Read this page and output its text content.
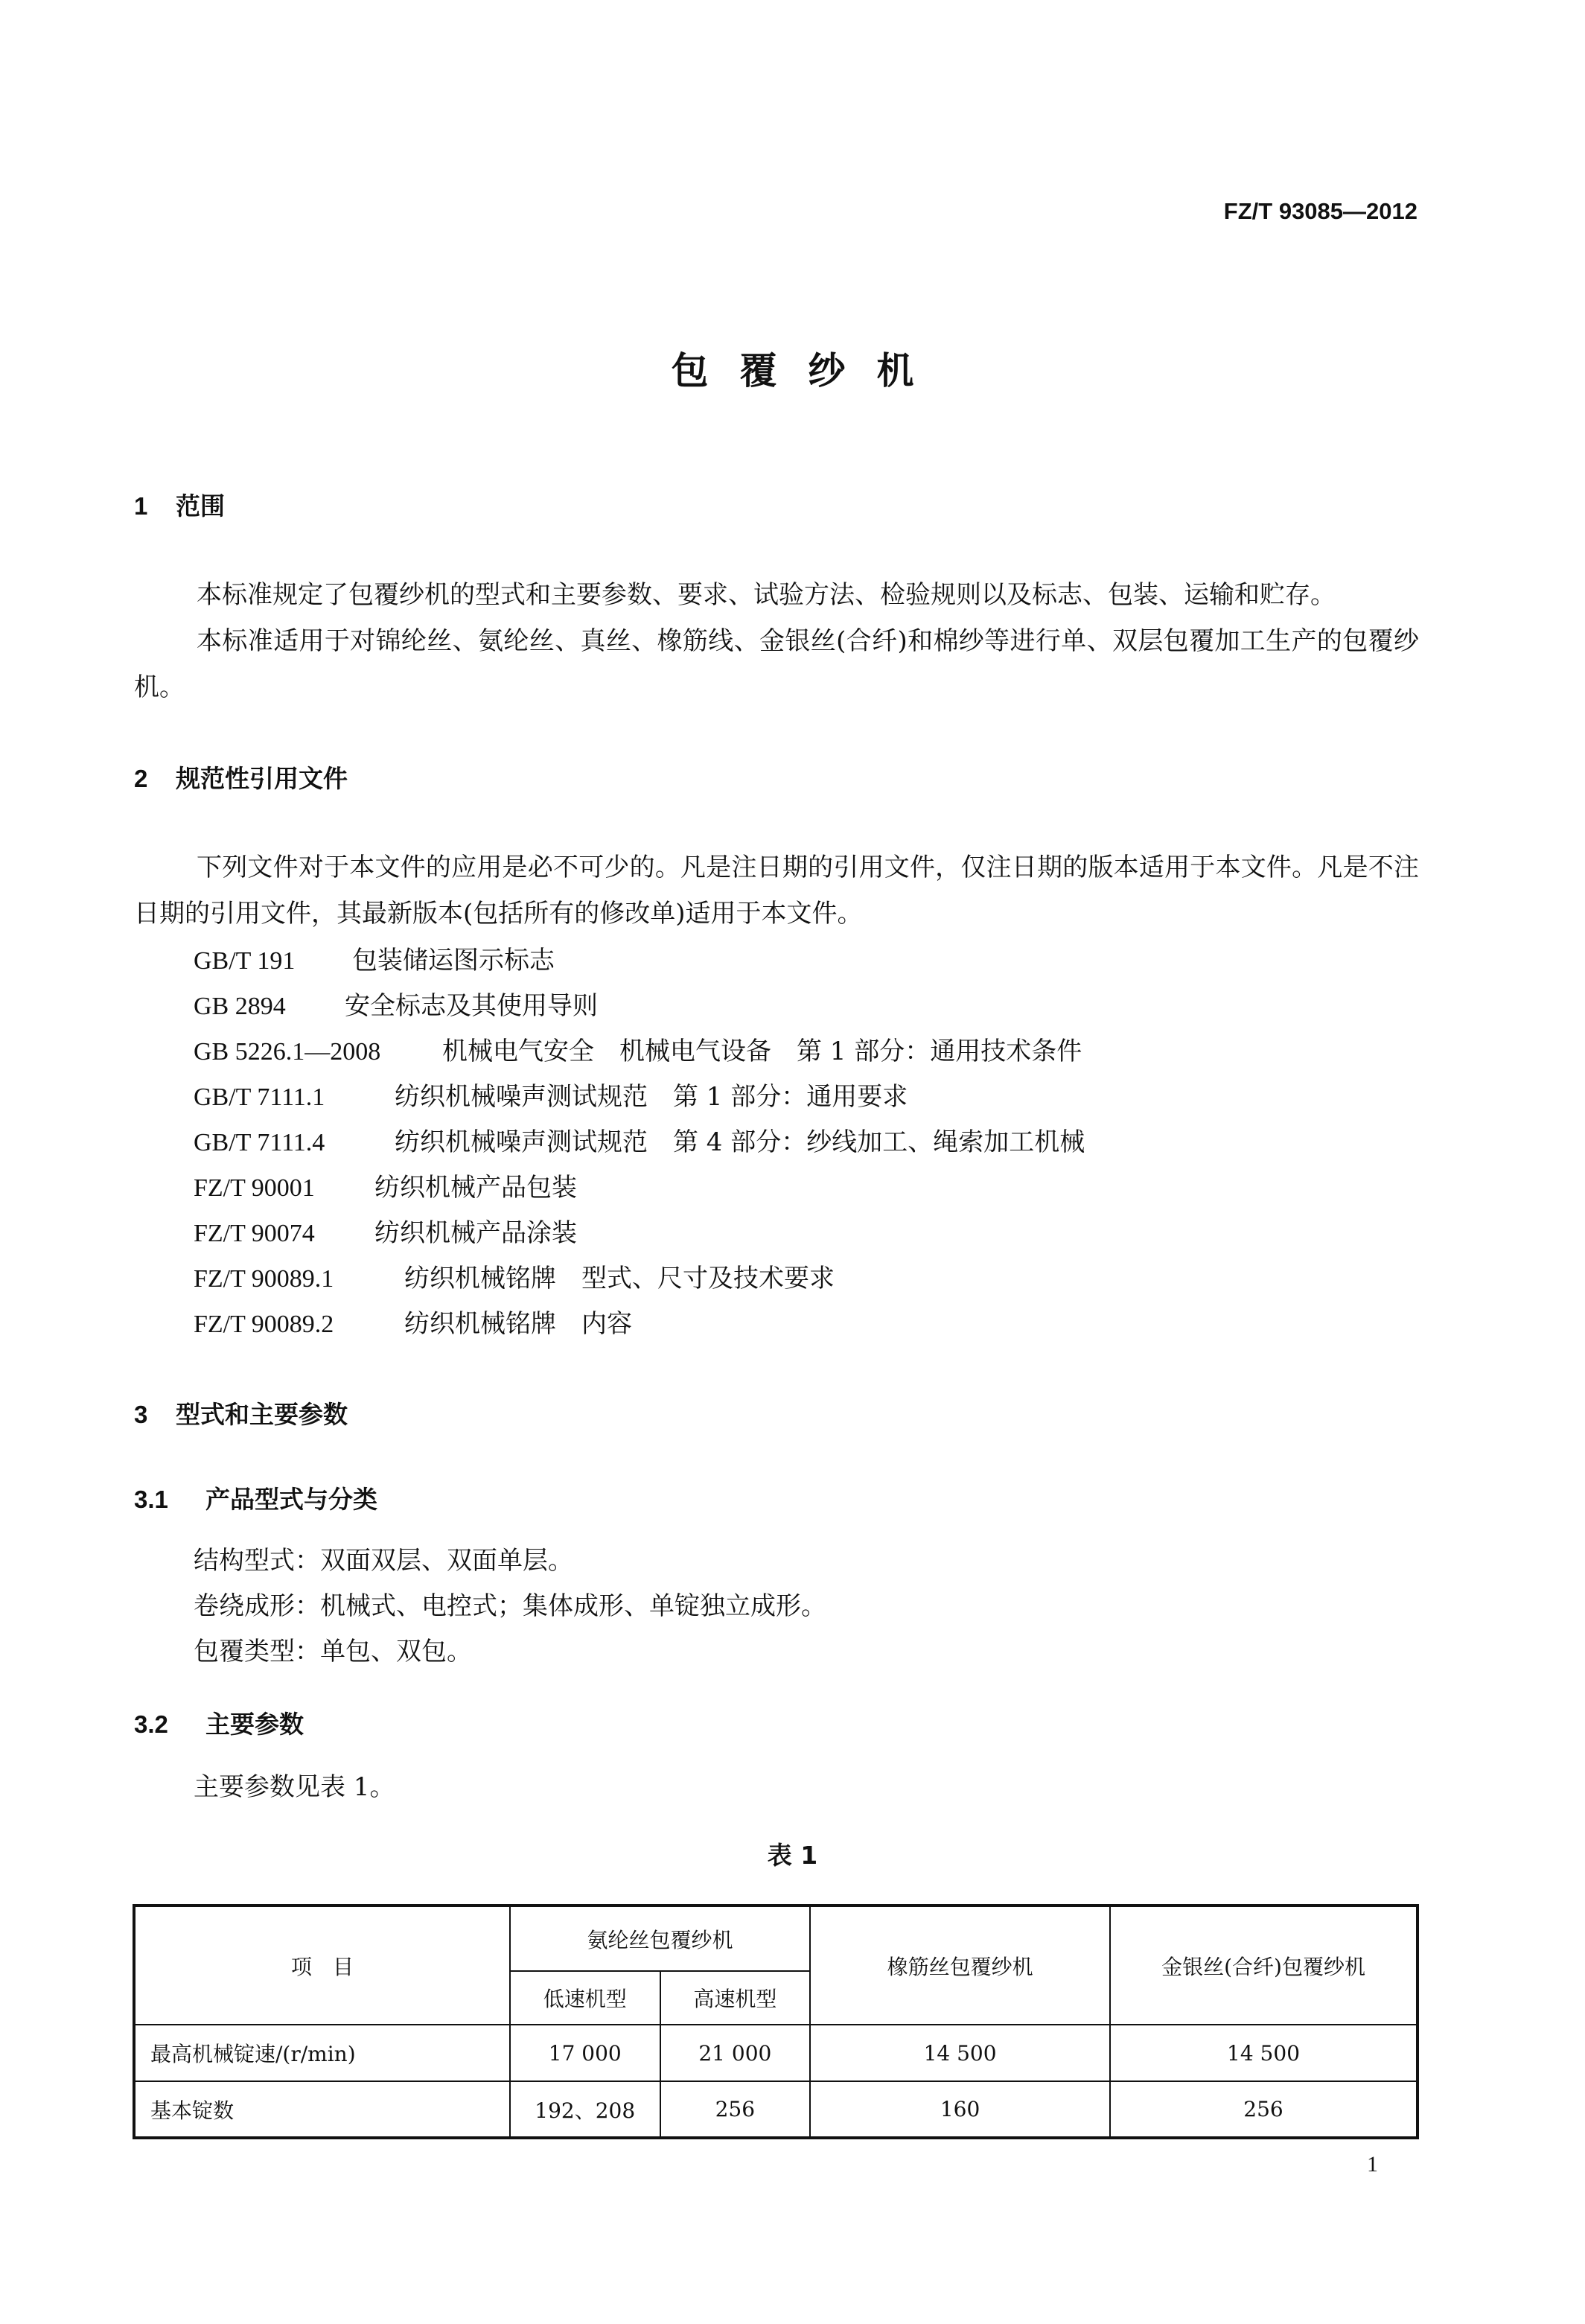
FZ/T 93085—2012
包覆纱机
1 范围
本标准规定了包覆纱机的型式和主要参数、要求、试验方法、检验规则以及标志、包装、运输和贮存。
本标准适用于对锦纶丝、氨纶丝、真丝、橡筋线、金银丝(合纤)和棉纱等进行单、双层包覆加工生产的包覆纱机。
2 规范性引用文件
下列文件对于本文件的应用是必不可少的。凡是注日期的引用文件，仅注日期的版本适用于本文件。凡是不注日期的引用文件，其最新版本(包括所有的修改单)适用于本文件。
GB/T 191 包装储运图示标志
GB 2894 安全标志及其使用导则
GB 5226.1—2008 机械电气安全　机械电气设备　第 1 部分：通用技术条件
GB/T 7111.1	纺织机械噪声测试规范　第 1 部分：通用要求
GB/T 7111.4	纺织机械噪声测试规范　第 4 部分：纱线加工、绳索加工机械
FZ/T 90001 纺织机械产品包装
FZ/T 90074 纺织机械产品涂装
FZ/T 90089.1	纺织机械铭牌　型式、尺寸及技术要求
FZ/T 90089.2	纺织机械铭牌　内容
3 型式和主要参数
3.1 产品型式与分类
结构型式：双面双层、双面单层。
卷绕成形：机械式、电控式；集体成形、单锭独立成形。
包覆类型：单包、双包。
3.2 主要参数
主要参数见表 1。
表 1
项　目	氨纶丝包覆纱机		橡筋丝包覆纱机	金银丝(合纤)包覆纱机
	低速机型	高速机型		
最高机械锭速/(r/min)	17 000	21 000	14 500	14 500
基本锭数	192、208	256	160	256
1
